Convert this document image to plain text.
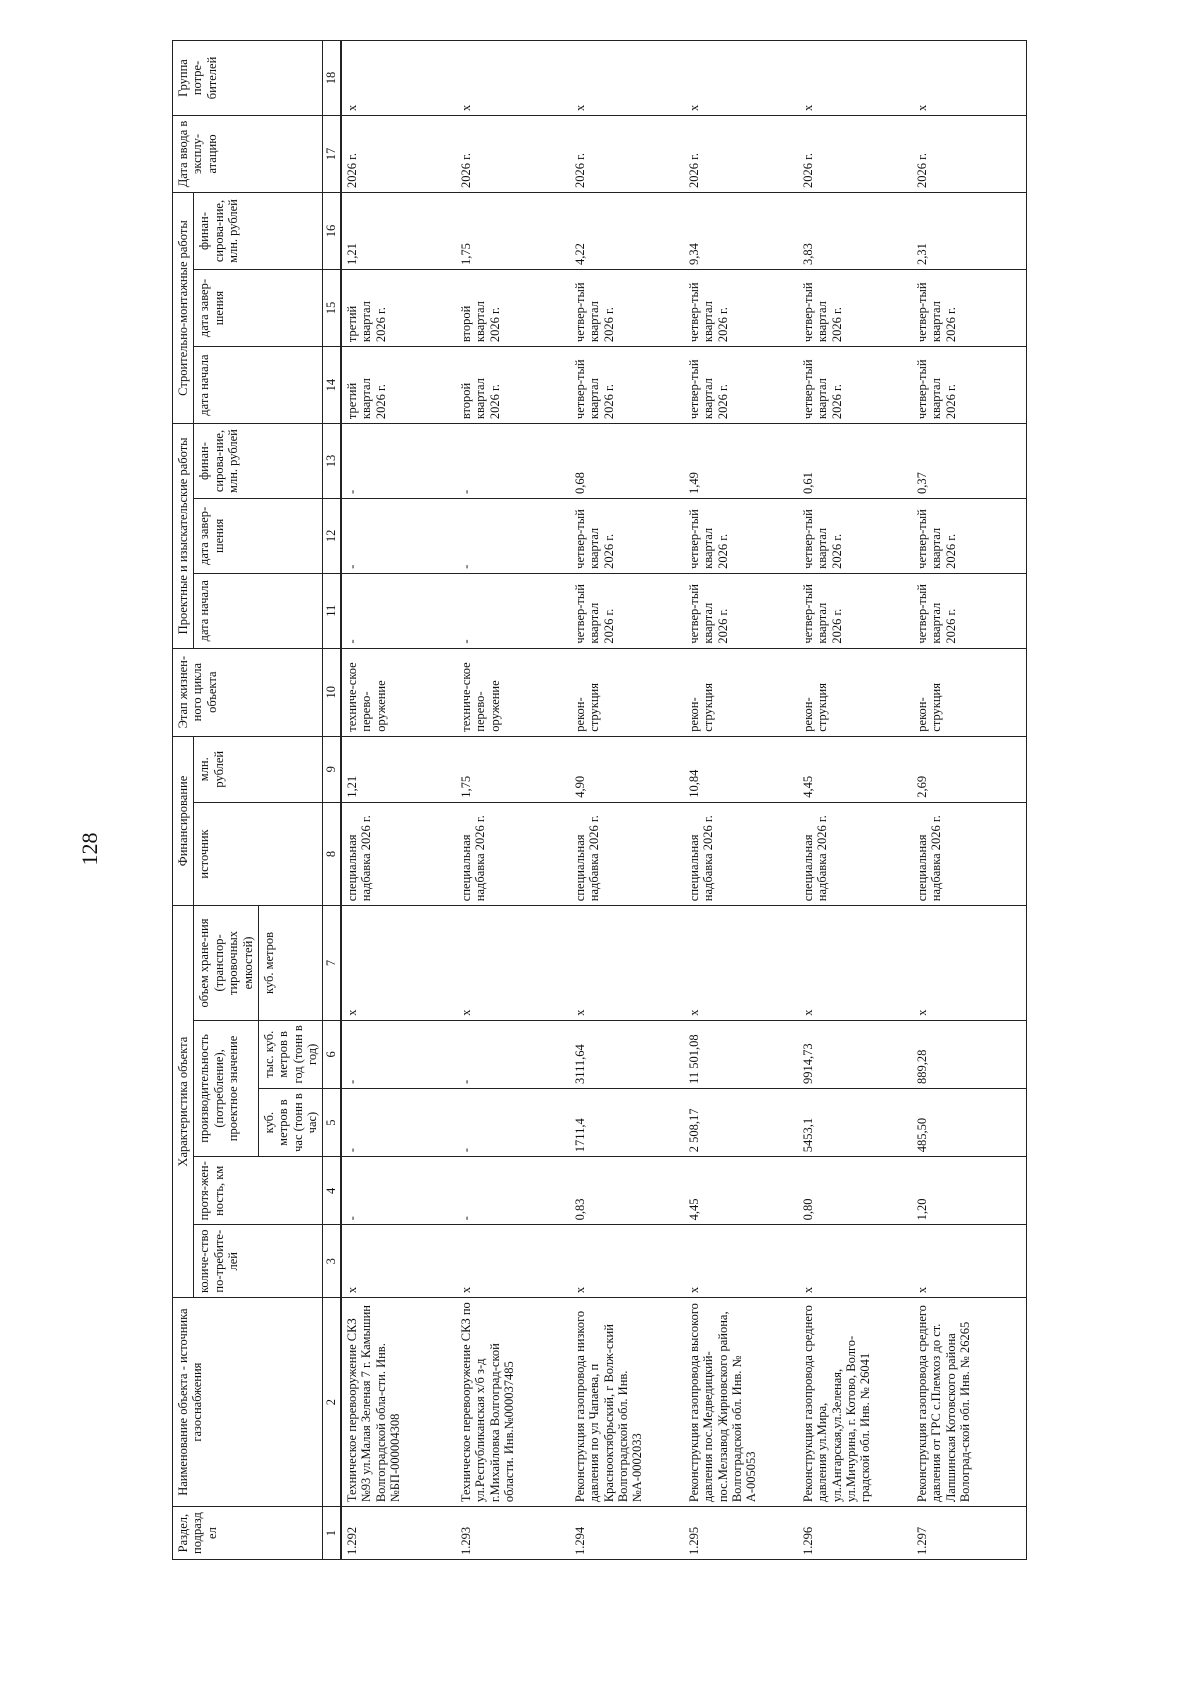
128
Раздел, подраздел	Наименование объекта - источника газоснабжения	Характеристика объекта					Финансирование		Этап жизнен-ного цикла объекта	Проектные и изыскательские работы			Строительно-монтажные работы			Дата ввода в эксплу-атацию	Группа потре-бителей
		количе-ство по-требите-лей	протя-жен-ность, км	производительность (потребление), проектное значение		объем хране-ния (транспор-тировочных емкостей)	источник	млн. рублей		дата начала	дата завер-шения	финан-сирова-ние, млн. рублей	дата начала	дата завер-шения	финан-сирова-ние, млн. рублей		
				куб. метров в час (тонн в час)	тыс. куб. метров в год (тонн в год)	куб. метров											
1	2	3	4	5	6	7	8	9	10	11	12	13	14	15	16	17	18
1.292	Техническое перевооружение СКЗ №93 ул.Малая Зеленая 7 г. Камышин Волгоградской обла-сти. Инв. №БП-000004308	x	-	-	-	x	специальная надбавка 2026 г.	1,21	техниче-ское перево-оружение	-	-	-	третий квартал 2026 г.	третий квартал 2026 г.	1,21	2026 г.	x
1.293	Техническое перевооружение СКЗ по ул.Республиканская х/б з-д г.Михайловка Волгоград-ской области. Инв.№000037485	x	-	-	-	x	специальная надбавка 2026 г.	1,75	техниче-ское перево-оружение	-	-	-	второй квартал 2026 г.	второй квартал 2026 г.	1,75	2026 г.	x
1.294	Реконструкция газопровода низкого давления по ул Чапаева, п Краснооктябрьский, г Волж-ский Волгоградской обл. Инв. №А-0002033	x	0,83	1711,4	3111,64	x	специальная надбавка 2026 г.	4,90	рекон-струкция	четвер-тый квартал 2026 г.	четвер-тый квартал 2026 г.	0,68	четвер-тый квартал 2026 г.	четвер-тый квартал 2026 г.	4,22	2026 г.	x
1.295	Реконструкция газопровода высокого давления пос.Медведицкий-пос.Мелзавод Жирновского района, Волгоградской обл. Инв. № А-005053	x	4,45	2 508,17	11 501,08	x	специальная надбавка 2026 г.	10,84	рекон-струкция	четвер-тый квартал 2026 г.	четвер-тый квартал 2026 г.	1,49	четвер-тый квартал 2026 г.	четвер-тый квартал 2026 г.	9,34	2026 г.	x
1.296	Реконструкция газопровода среднего давления ул.Мира, ул.Ангарская,ул.Зеленая, ул.Мичурина, г. Котово, Волго-градской обл. Инв. № 26041	x	0,80	5453,1	9914,73	x	специальная надбавка 2026 г.	4,45	рекон-струкция	четвер-тый квартал 2026 г.	четвер-тый квартал 2026 г.	0,61	четвер-тый квартал 2026 г.	четвер-тый квартал 2026 г.	3,83	2026 г.	x
1.297	Реконструкция газопровода среднего давления от ГРС с.Племхоз до ст. Лапшинская Котовского района Волоград-ской обл. Инв. № 26265	x	1,20	485,50	889,28	x	специальная надбавка 2026 г.	2,69	рекон-струкция	четвер-тый квартал 2026 г.	четвер-тый квартал 2026 г.	0,37	четвер-тый квартал 2026 г.	четвер-тый квартал 2026 г.	2,31	2026 г.	x
